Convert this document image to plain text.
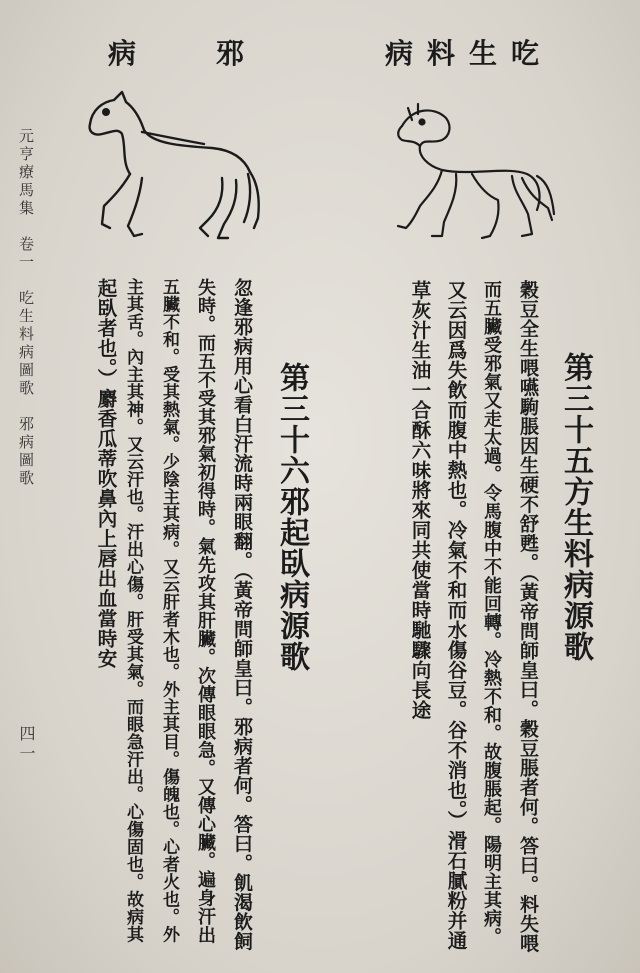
吃生料病
邪病
第三十五方生料病源歌
穀豆全生喂嚥駒脹因生硬不舒甦。（黃帝問師皇曰。穀豆脹者何。答曰。料失喂
而五臟受邪氣又走太過。令馬腹中不能回轉。冷熱不和。故腹脹起。陽明主其病。
又云因爲失飲而腹中熱也。冷氣不和而水傷谷豆。谷不消也。）滑石膩粉并通
草灰汁生油一合酥六味將來同共使當時馳驟向長途
第三十六邪起臥病源歌
忽逢邪病用心看白汗流時兩眼翻。（黃帝問師皇曰。邪病者何。答曰。飢渴飲飼
失時。而五不受其邪氣初得時。氣先攻其肝臟。次傳眼眼急。又傳心臟。遍身汗出
五臟不和。受其熱氣。少陰主其病。又云肝者木也。外主其目。傷魄也。心者火也。外
主其舌。內主其神。又云汗也。汗出心傷。肝受其氣。而眼急汗出。心傷固也。故病其
起臥者也。）麝香瓜蒂吹鼻內上唇出血當時安
元亨療馬集　卷一　吃生料病圖歌　邪病圖歌
四一
